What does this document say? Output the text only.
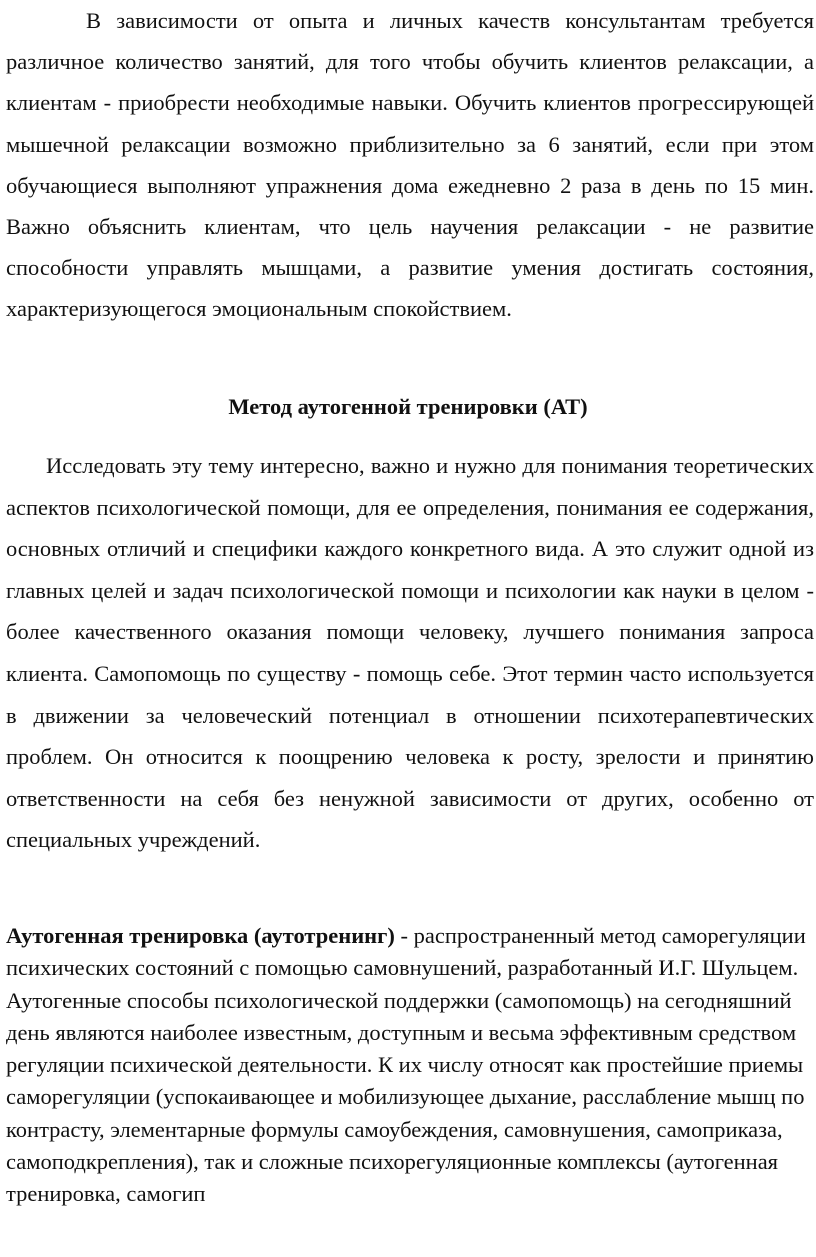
В зависимости от опыта и личных качеств консультантам требуется различное количество занятий, для того чтобы обучить клиентов релаксации, а клиентам - приобрести необходимые навыки. Обучить клиентов прогрессирующей мышечной релаксации возможно приблизительно за 6 занятий, если при этом обучающиеся выполняют упражнения дома ежедневно 2 раза в день по 15 мин. Важно объяснить клиентам, что цель научения релаксации - не развитие способности управлять мышцами, а развитие умения достигать состояния, характеризующегося эмоциональным спокойствием.

Метод аутогенной тренировки (АТ)

Исследовать эту тему интересно, важно и нужно для понимания теоретических аспектов психологической помощи, для ее определения, понимания ее содержания, основных отличий и специфики каждого конкретного вида. А это служит одной из главных целей и задач психологической помощи и психологии как науки в целом - более качественного оказания помощи человеку, лучшего понимания запроса клиента. Самопомощь по существу - помощь себе. Этот термин часто используется в движении за человеческий потенциал в отношении психотерапевтических проблем. Он относится к поощрению человека к росту, зрелости и принятию ответственности на себя без ненужной зависимости от других, особенно от специальных учреждений.

Аутогенная тренировка (аутотренинг) - распространенный метод саморегуляции психических состояний с помощью самовнушений, разработанный И.Г. Шульцем. Аутогенные способы психологической поддержки (самопомощь) на сегодняшний день являются наиболее известным, доступным и весьма эффективным средством регуляции психической деятельности. К их числу относят как простейшие приемы саморегуляции (успокаивающее и мобилизующее дыхание, расслабление мышц по контрасту, элементарные формулы самоубеждения, самовнушения, самоприказа, самоподкрепления), так и сложные психорегуляционные комплексы (аутогенная тренировка, самогип
